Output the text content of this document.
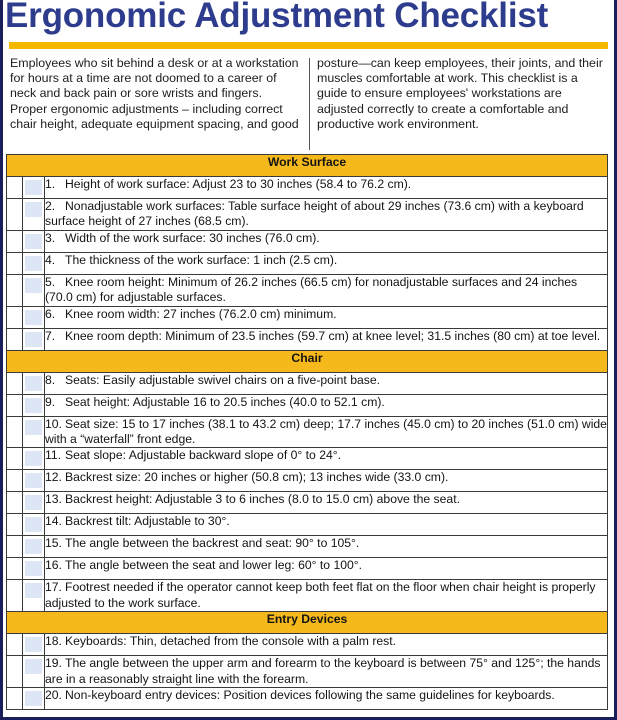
Ergonomic Adjustment Checklist
Employees who sit behind a desk or at a workstation for hours at a time are not doomed to a career of neck and back pain or sore wrists and fingers. Proper ergonomic adjustments – including correct chair height, adequate equipment spacing, and good
posture—can keep employees, their joints, and their muscles comfortable at work. This checklist is a guide to ensure employees' workstations are adjusted correctly to create a comfortable and productive work environment.
Work Surface		

	1. Height of work surface: Adjust 23 to 30 inches (58.4 to 76.2 cm).

	2. Nonadjustable work surfaces: Table surface height of about 29 inches (73.6 cm) with a keyboard surface height of 27 inches (68.5 cm).

	3. Width of the work surface: 30 inches (76.0 cm).

	4. The thickness of the work surface: 1 inch (2.5 cm).

	5. Knee room height: Minimum of 26.2 inches (66.5 cm) for nonadjustable surfaces and 24 inches (70.0 cm) for adjustable surfaces.

	6. Knee room width: 27 inches (76.2.0 cm) minimum.

	7. Knee room depth: Minimum of 23.5 inches (59.7 cm) at knee level; 31.5 inches (80 cm) at toe level.
Chair		

	8. Seats: Easily adjustable swivel chairs on a five-point base.

	9. Seat height: Adjustable 16 to 20.5 inches (40.0 to 52.1 cm).

	10. Seat size: 15 to 17 inches (38.1 to 43.2 cm) deep; 17.7 inches (45.0 cm) to 20 inches (51.0 cm) wide with a “waterfall” front edge.

	11. Seat slope: Adjustable backward slope of 0° to 24°.

	12. Backrest size: 20 inches or higher (50.8 cm); 13 inches wide (33.0 cm).

	13. Backrest height: Adjustable 3 to 6 inches (8.0 to 15.0 cm) above the seat.

	14. Backrest tilt: Adjustable to 30°.

	15. The angle between the backrest and seat: 90° to 105°.

	16. The angle between the seat and lower leg: 60° to 100°.

	17. Footrest needed if the operator cannot keep both feet flat on the floor when chair height is properly adjusted to the work surface.
Entry Devices		

	18. Keyboards: Thin, detached from the console with a palm rest.

	19. The angle between the upper arm and forearm to the keyboard is between 75° and 125°; the hands are in a reasonably straight line with the forearm.

	20. Non-keyboard entry devices: Position devices following the same guidelines for keyboards.
